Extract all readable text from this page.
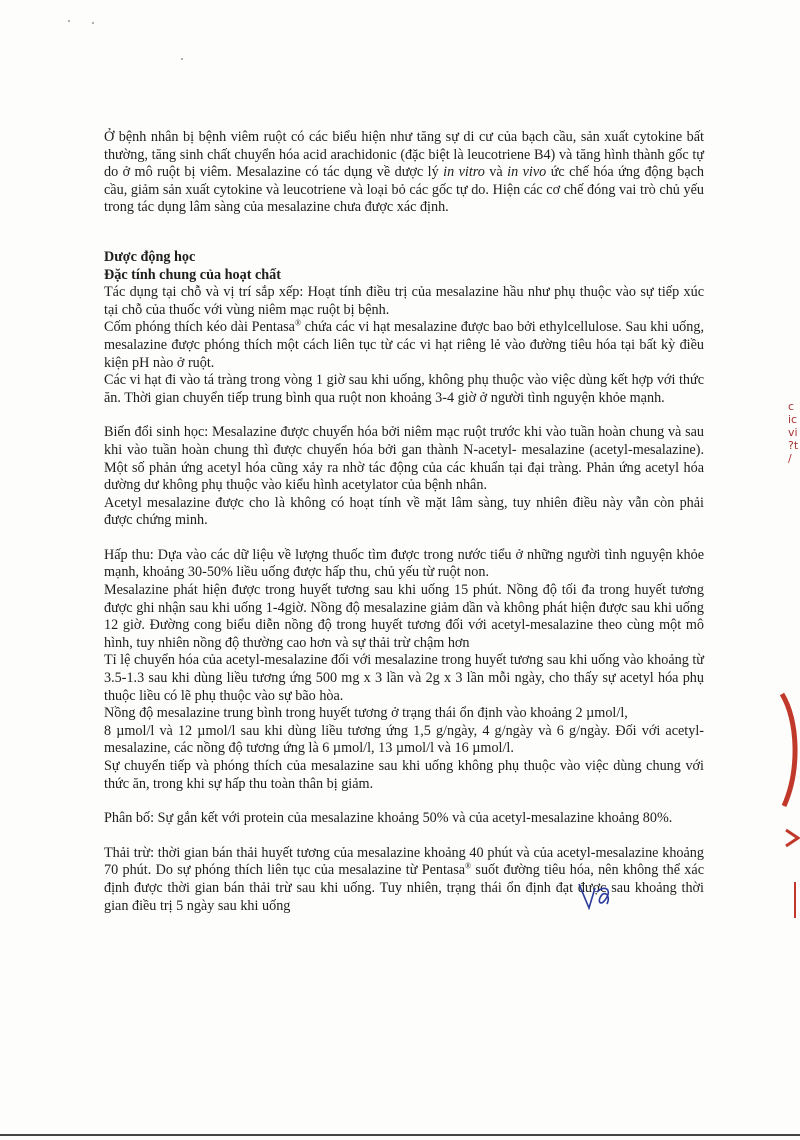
Ở bệnh nhân bị bệnh viêm ruột có các biểu hiện như tăng sự di cư của bạch cầu, sản xuất cytokine bất thường, tăng sinh chất chuyển hóa acid arachidonic (đặc biệt là leucotriene B4) và tăng hình thành gốc tự do ở mô ruột bị viêm. Mesalazine có tác dụng về dược lý in vitro và in vivo ức chế hóa ứng động bạch cầu, giảm sản xuất cytokine và leucotriene và loại bỏ các gốc tự do. Hiện các cơ chế đóng vai trò chủ yếu trong tác dụng lâm sàng của mesalazine chưa được xác định.

Dược động học

Đặc tính chung của hoạt chất

Tác dụng tại chỗ và vị trí sắp xếp: Hoạt tính điều trị của mesalazine hầu như phụ thuộc vào sự tiếp xúc tại chỗ của thuốc với vùng niêm mạc ruột bị bệnh.

Cốm phóng thích kéo dài Pentasa® chứa các vi hạt mesalazine được bao bởi ethylcellulose. Sau khi uống, mesalazine được phóng thích một cách liên tục từ các vi hạt riêng lẻ vào đường tiêu hóa tại bất kỳ điều kiện pH nào ở ruột.

Các vi hạt đi vào tá tràng trong vòng 1 giờ sau khi uống, không phụ thuộc vào việc dùng kết hợp với thức ăn. Thời gian chuyển tiếp trung bình qua ruột non khoảng 3-4 giờ ở người tình nguyện khỏe mạnh.

Biến đổi sinh học: Mesalazine được chuyển hóa bởi niêm mạc ruột trước khi vào tuần hoàn chung và sau khi vào tuần hoàn chung thì được chuyển hóa bởi gan thành N-acetyl- mesalazine (acetyl-mesalazine). Một số phản ứng acetyl hóa cũng xảy ra nhờ tác động của các khuẩn tại đại tràng. Phản ứng acetyl hóa dường dư không phụ thuộc vào kiểu hình acetylator của bệnh nhân.

Acetyl mesalazine được cho là không có hoạt tính về mặt lâm sàng, tuy nhiên điều này vẫn còn phải được chứng minh.

Hấp thu: Dựa vào các dữ liệu về lượng thuốc tìm được trong nước tiểu ở những người tình nguyện khỏe mạnh, khoảng 30-50% liều uống được hấp thu, chủ yếu từ ruột non.

Mesalazine phát hiện được trong huyết tương sau khi uống 15 phút. Nồng độ tối đa trong huyết tương được ghi nhận sau khi uống 1-4giờ. Nồng độ mesalazine giảm dần và không phát hiện được sau khi uống 12 giờ. Đường cong biểu diễn nồng độ trong huyết tương đối với acetyl-mesalazine theo cùng một mô hình, tuy nhiên nồng độ thường cao hơn và sự thải trừ chậm hơn

Tỉ lệ chuyển hóa của acetyl-mesalazine đối với mesalazine trong huyết tương sau khi uống vào khoảng từ 3.5-1.3 sau khi dùng liều tương ứng 500 mg x 3 lần và 2g x 3 lần mỗi ngày, cho thấy sự acetyl hóa phụ thuộc liều có lẽ phụ thuộc vào sự bão hòa.

Nồng độ mesalazine trung bình trong huyết tương ở trạng thái ổn định vào khoảng 2 µmol/l,

8 µmol/l và 12 µmol/l sau khi dùng liều tương ứng 1,5 g/ngày, 4 g/ngày và 6 g/ngày. Đối với acetyl-mesalazine, các nồng độ tương ứng là 6 µmol/l, 13 µmol/l và 16 µmol/l.

Sự chuyển tiếp và phóng thích của mesalazine sau khi uống không phụ thuộc vào việc dùng chung với thức ăn, trong khi sự hấp thu toàn thân bị giảm.

Phân bố: Sự gắn kết với protein của mesalazine khoảng 50% và của acetyl-mesalazine khoảng 80%.

Thải trừ: thời gian bán thải huyết tương của mesalazine khoảng 40 phút và của acetyl-mesalazine khoảng 70 phút. Do sự phóng thích liên tục của mesalazine từ Pentasa® suốt đường tiêu hóa, nên không thể xác định được thời gian bán thải trừ sau khi uống. Tuy nhiên, trạng thái ổn định đạt được sau khoảng thời gian điều trị 5 ngày sau khi uống

c
ic
vi
?t
/
